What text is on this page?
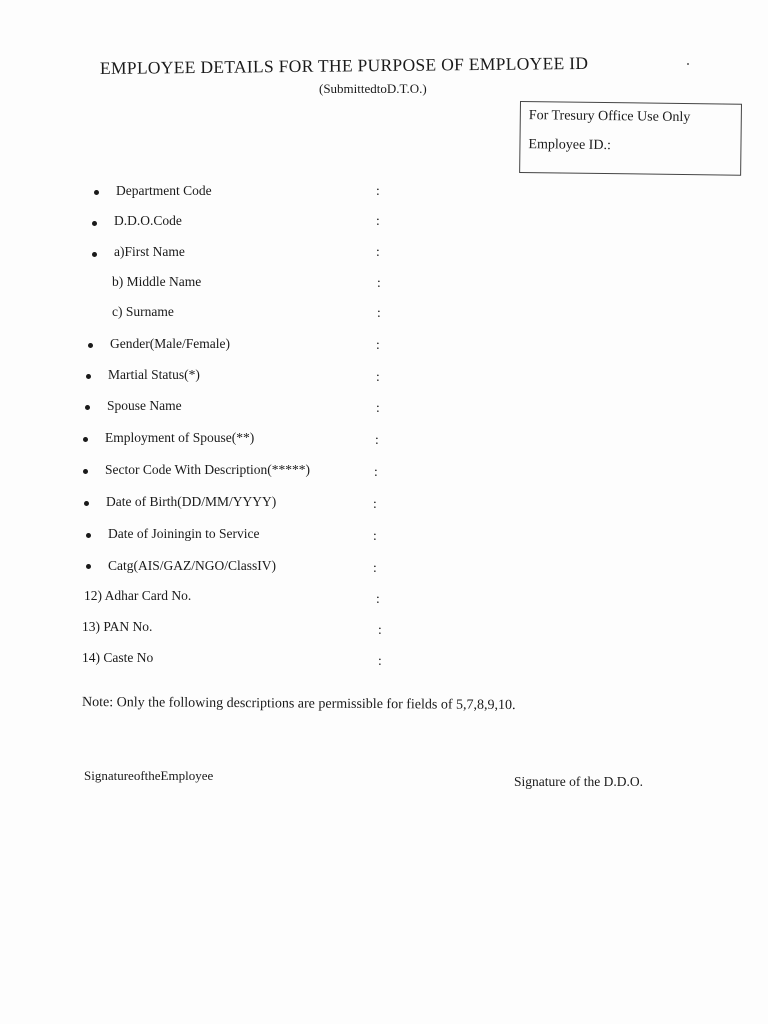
EMPLOYEE DETAILS FOR THE PURPOSE OF EMPLOYEE ID
(SubmittedtoD.T.O.)
For Tresury Office Use Only
Employee ID.:
Department Code	:
D.D.O.Code	:
a)First Name	:
b) Middle Name	:
c) Surname	:
Gender(Male/Female)	:
Martial Status(*)	:
Spouse Name	:
Employment of Spouse(**)	:
Sector Code With Description(*****)	:
Date of Birth(DD/MM/YYYY)	:
Date of Joiningin to Service	:
Catg(AIS/GAZ/NGO/ClassIV)	:
12) Adhar Card No.	:
13) PAN No.	:
14) Caste No	:
Note: Only the following descriptions are permissible for fields of 5,7,8,9,10.
SignatureoftheEmployee	Signature of the D.D.O.
